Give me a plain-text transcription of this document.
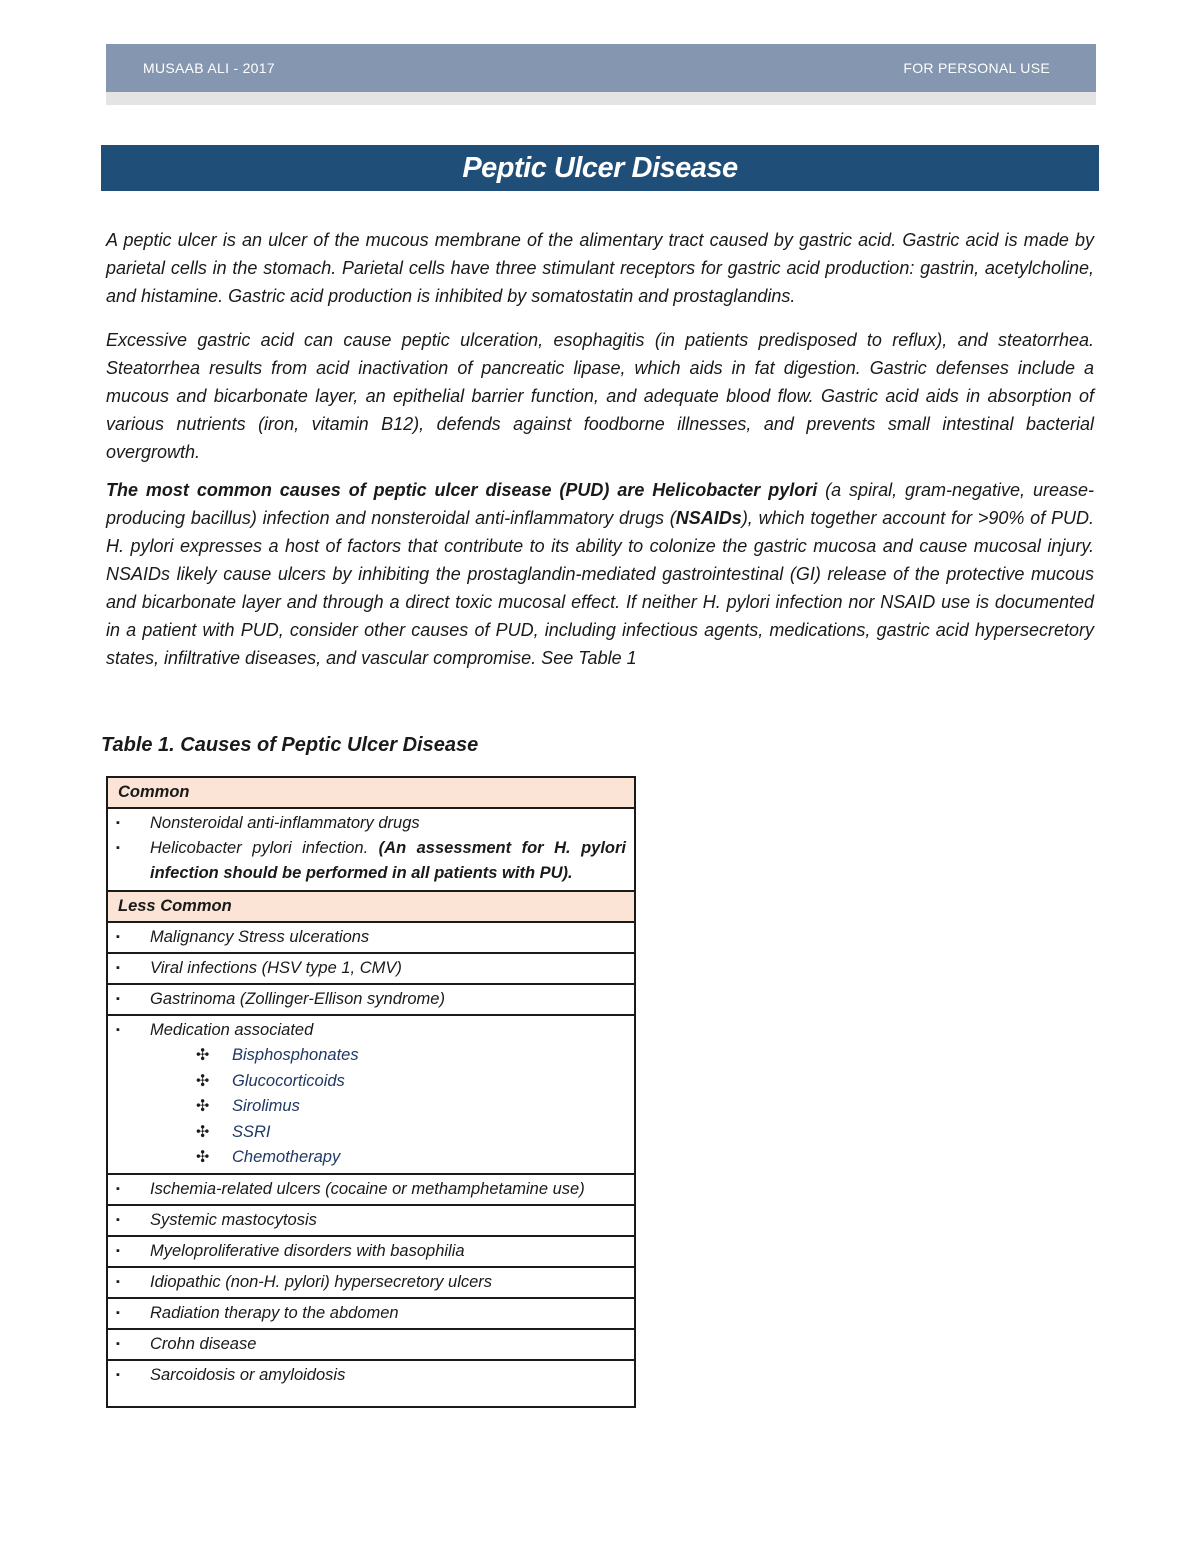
MUSAAB ALI - 2017	FOR PERSONAL USE
Peptic Ulcer Disease

A peptic ulcer is an ulcer of the mucous membrane of the alimentary tract caused by gastric acid. Gastric acid is made by parietal cells in the stomach. Parietal cells have three stimulant receptors for gastric acid production: gastrin, acetylcholine, and histamine. Gastric acid production is inhibited by somatostatin and prostaglandins.

Excessive gastric acid can cause peptic ulceration, esophagitis (in patients predisposed to reflux), and steatorrhea. Steatorrhea results from acid inactivation of pancreatic lipase, which aids in fat digestion. Gastric defenses include a mucous and bicarbonate layer, an epithelial barrier function, and adequate blood flow. Gastric acid aids in absorption of various nutrients (iron, vitamin B12), defends against foodborne illnesses, and prevents small intestinal bacterial overgrowth.

The most common causes of peptic ulcer disease (PUD) are Helicobacter pylori (a spiral, gram-negative, urease-producing bacillus) infection and nonsteroidal anti-inflammatory drugs (NSAIDs), which together account for >90% of PUD. H. pylori expresses a host of factors that contribute to its ability to colonize the gastric mucosa and cause mucosal injury. NSAIDs likely cause ulcers by inhibiting the prostaglandin-mediated gastrointestinal (GI) release of the protective mucous and bicarbonate layer and through a direct toxic mucosal effect. If neither H. pylori infection nor NSAID use is documented in a patient with PUD, consider other causes of PUD, including infectious agents, medications, gastric acid hypersecretory states, infiltrative diseases, and vascular compromise. See Table 1

Table 1. Causes of Peptic Ulcer Disease
Common

▪	Nonsteroidal anti-inflammatory drugs
▪	Helicobacter pylori infection. (An assessment for H. pylori infection should be performed in all patients with PU).

Less Common

▪	Malignancy Stress ulcerations

▪	Viral infections (HSV type 1, CMV)

▪	Gastrinoma (Zollinger-Ellison syndrome)

▪	Medication associated
✣	Bisphosphonates
✣	Glucocorticoids
✣	Sirolimus
✣	SSRI
✣	Chemotherapy

▪	Ischemia-related ulcers (cocaine or methamphetamine use)

▪	Systemic mastocytosis

▪	Myeloproliferative disorders with basophilia

▪	Idiopathic (non-H. pylori) hypersecretory ulcers

▪	Radiation therapy to the abdomen

▪	Crohn disease

▪	Sarcoidosis or amyloidosis
